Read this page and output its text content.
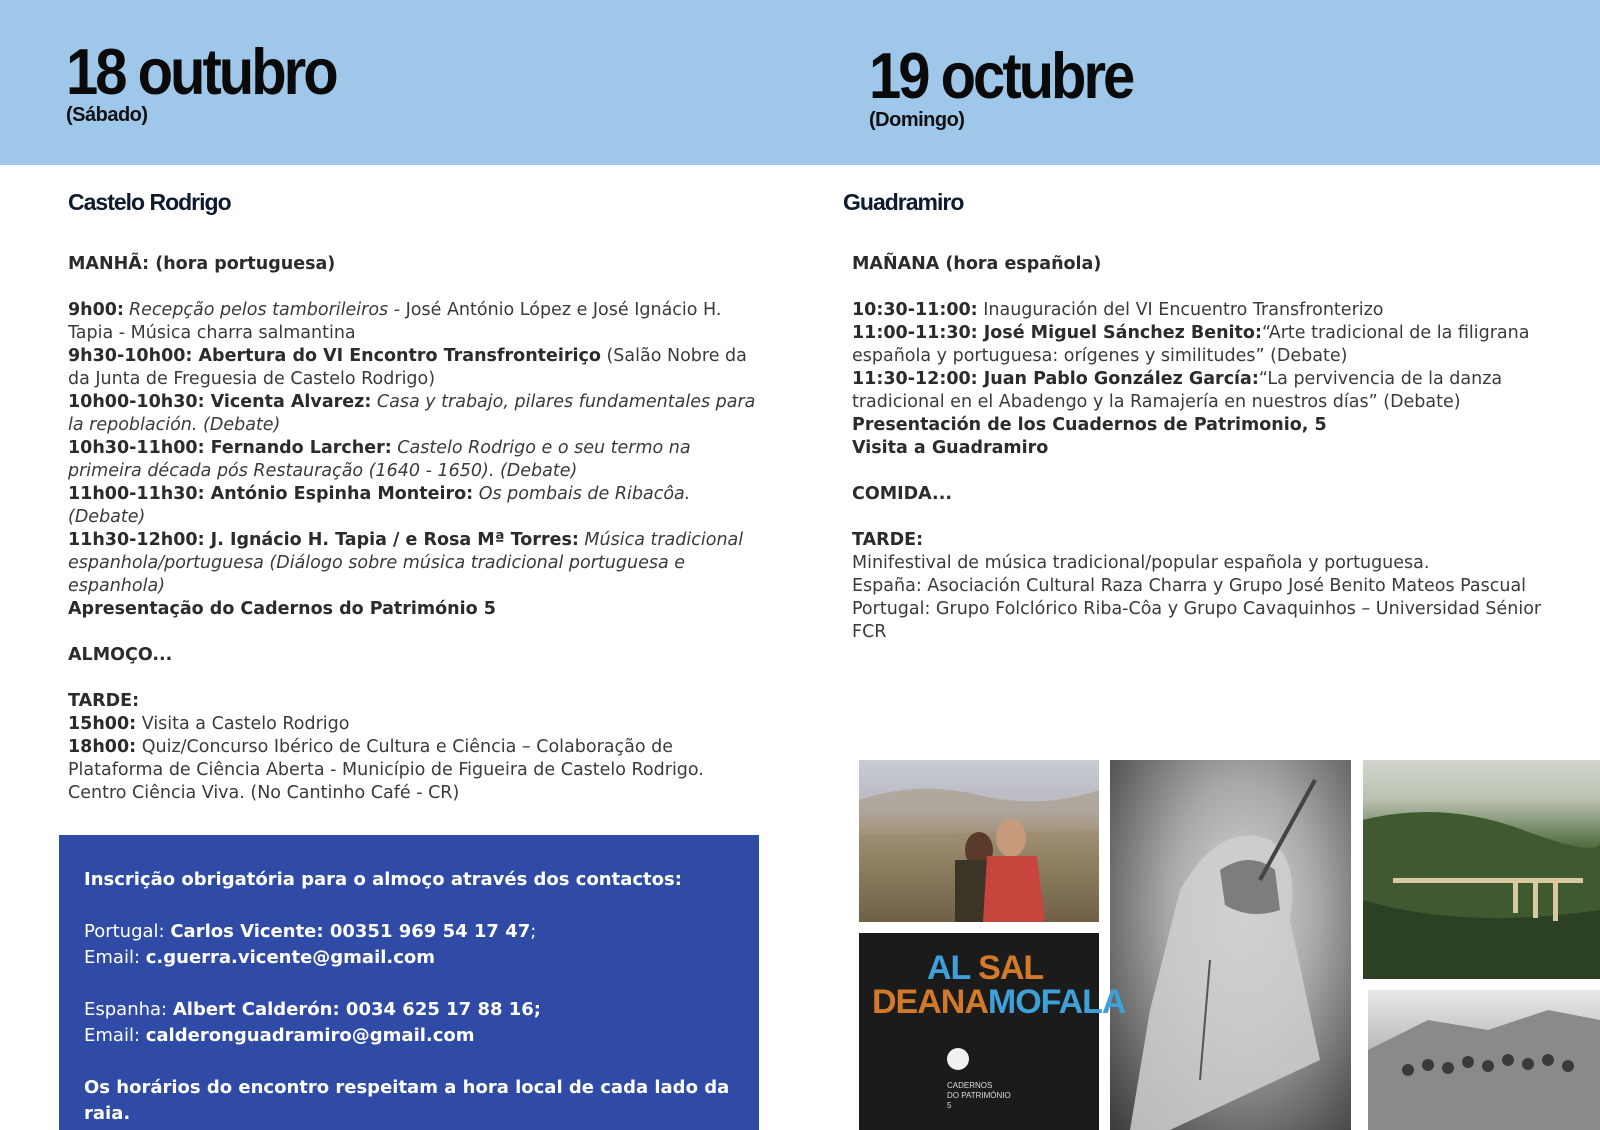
18 outubro

(Sábado)

19 octubre

(Domingo)

Castelo Rodrigo

MANHÃ: (hora portuguesa)

9h00: Recepção pelos tamborileiros - José António López e José Ignácio H. Tapia - Música charra salmantina

9h30-10h00: Abertura do VI Encontro Transfronteiriço (Salão Nobre da da Junta de Freguesia de Castelo Rodrigo)

10h00-10h30: Vicenta Alvarez: Casa y trabajo, pilares fundamentales para la repoblación. (Debate)

10h30-11h00: Fernando Larcher: Castelo Rodrigo e o seu termo na primeira década pós Restauração (1640 - 1650). (Debate)

11h00-11h30: António Espinha Monteiro: Os pombais de Ribacôa. (Debate)

11h30-12h00: J. Ignácio H. Tapia / e Rosa Mª Torres: Música tradicional espanhola/portuguesa (Diálogo sobre música tradicional portuguesa e espanhola)

Apresentação do Cadernos do Património 5

ALMOÇO...

TARDE:

15h00: Visita a Castelo Rodrigo

18h00: Quiz/Concurso Ibérico de Cultura e Ciência – Colaboração de Plataforma de Ciência Aberta - Município de Figueira de Castelo Rodrigo. Centro Ciência Viva. (No Cantinho Café - CR)

Guadramiro

MAÑANA (hora española)

10:30-11:00: Inauguración del VI Encuentro Transfronterizo

11:00-11:30: José Miguel Sánchez Benito:“Arte tradicional de la filigrana española y portuguesa: orígenes y similitudes” (Debate)

11:30-12:00: Juan Pablo González García:“La pervivencia de la danza tradicional en el Abadengo y la Ramajería en nuestros días” (Debate)

Presentación de los Cuadernos de Patrimonio, 5

Visita a Guadramiro

COMIDA...

TARDE:

Minifestival de música tradicional/popular española y portuguesa.

España: Asociación Cultural Raza Charra y Grupo José Benito Mateos Pascual

Portugal: Grupo Folclórico Riba-Côa y Grupo Cavaquinhos – Universidad Sénior FCR

Inscrição obrigatória para o almoço através dos contactos:

Portugal: Carlos Vicente: 00351 969 54 17 47;

Email: c.guerra.vicente@gmail.com

Espanha: Albert Calderón: 0034 625 17 88 16;

Email: calderonguadramiro@gmail.com

Os horários do encontro respeitam a hora local de cada lado da raia.

AL SAL
DEANAMOFALA

CADERNOS

DO PATRIMÓNIO

5
